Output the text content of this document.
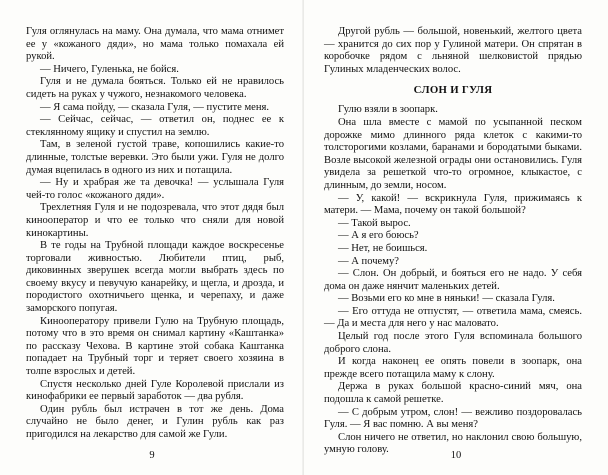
Гуля оглянулась на маму. Она думала, что мама отнимет ее у «кожаного дяди», но мама только помахала ей рукой.

— Ничего, Гуленька, не бойся.

Гуля и не думала бояться. Только ей не нравилось сидеть на руках у чужого, незнакомого человека.

— Я сама пойду, — сказала Гуля, — пустите меня.

— Сейчас, сейчас, — ответил он, поднес ее к стеклянному ящику и спустил на землю.

Там, в зеленой густой траве, копошились какие-то длинные, толстые веревки. Это были ужи. Гуля не долго думая вцепилась в одного из них и потащила.

— Ну и храбрая же та девочка! — услышала Гуля чей-то голос «кожаного дяди».

Трехлетняя Гуля и не подозревала, что этот дядя был кинооператор и что ее только что сняли для новой кинокартины.

В те годы на Трубной площади каждое воскресенье торговали живностью. Любители птиц, рыб, диковинных зверушек всегда могли выбрать здесь по своему вкусу и певучую канарейку, и щегла, и дрозда, и породистого охотничьего щенка, и черепаху, и даже заморского попугая.

Кинооператору привели Гулю на Трубную площадь, потому что в это время он снимал картину «Каштанка» по рассказу Чехова. В картине этой собака Каштанка попадает на Трубный торг и теряет своего хозяина в толпе взрослых и детей.

Спустя несколько дней Гуле Королевой прислали из кинофабрики ее первый заработок — два рубля.

Один рубль был истрачен в тот же день. Дома случайно не было денег, и Гулин рубль как раз пригодился на лекарство для самой же Гули.

9

Другой рубль — большой, новенький, желтого цвета — хранится до сих пор у Гулиной матери. Он спрятан в коробочке рядом с льняной шелковистой прядью Гулиных младенческих волос.

СЛОН И ГУЛЯ

Гулю взяли в зоопарк.

Она шла вместе с мамой по усыпанной песком дорожке мимо длинного ряда клеток с какими-то толсторогими козлами, баранами и бородатыми быками. Возле высокой железной ограды они остановились. Гуля увидела за решеткой что-то огромное, клыкастое, с длинным, до земли, носом.

— У, какой! — вскрикнула Гуля, прижимаясь к матери. — Мама, почему он такой большой?

— Такой вырос.

— А я его боюсь?

— Нет, не боишься.

— А почему?

— Слон. Он добрый, и бояться его не надо. У себя дома он даже нянчит маленьких детей.

— Возьми его ко мне в няньки! — сказала Гуля.

— Его оттуда не отпустят, — ответила мама, смеясь. — Да и места для него у нас маловато.

Целый год после этого Гуля вспоминала большого доброго слона.

И когда наконец ее опять повели в зоопарк, она прежде всего потащила маму к слону.

Держа в руках большой красно-синий мяч, она подошла к самой решетке.

— С добрым утром, слон! — вежливо поздоровалась Гуля. — Я вас помню. А вы меня?

Слон ничего не ответил, но наклонил свою большую, умную голову.

10
